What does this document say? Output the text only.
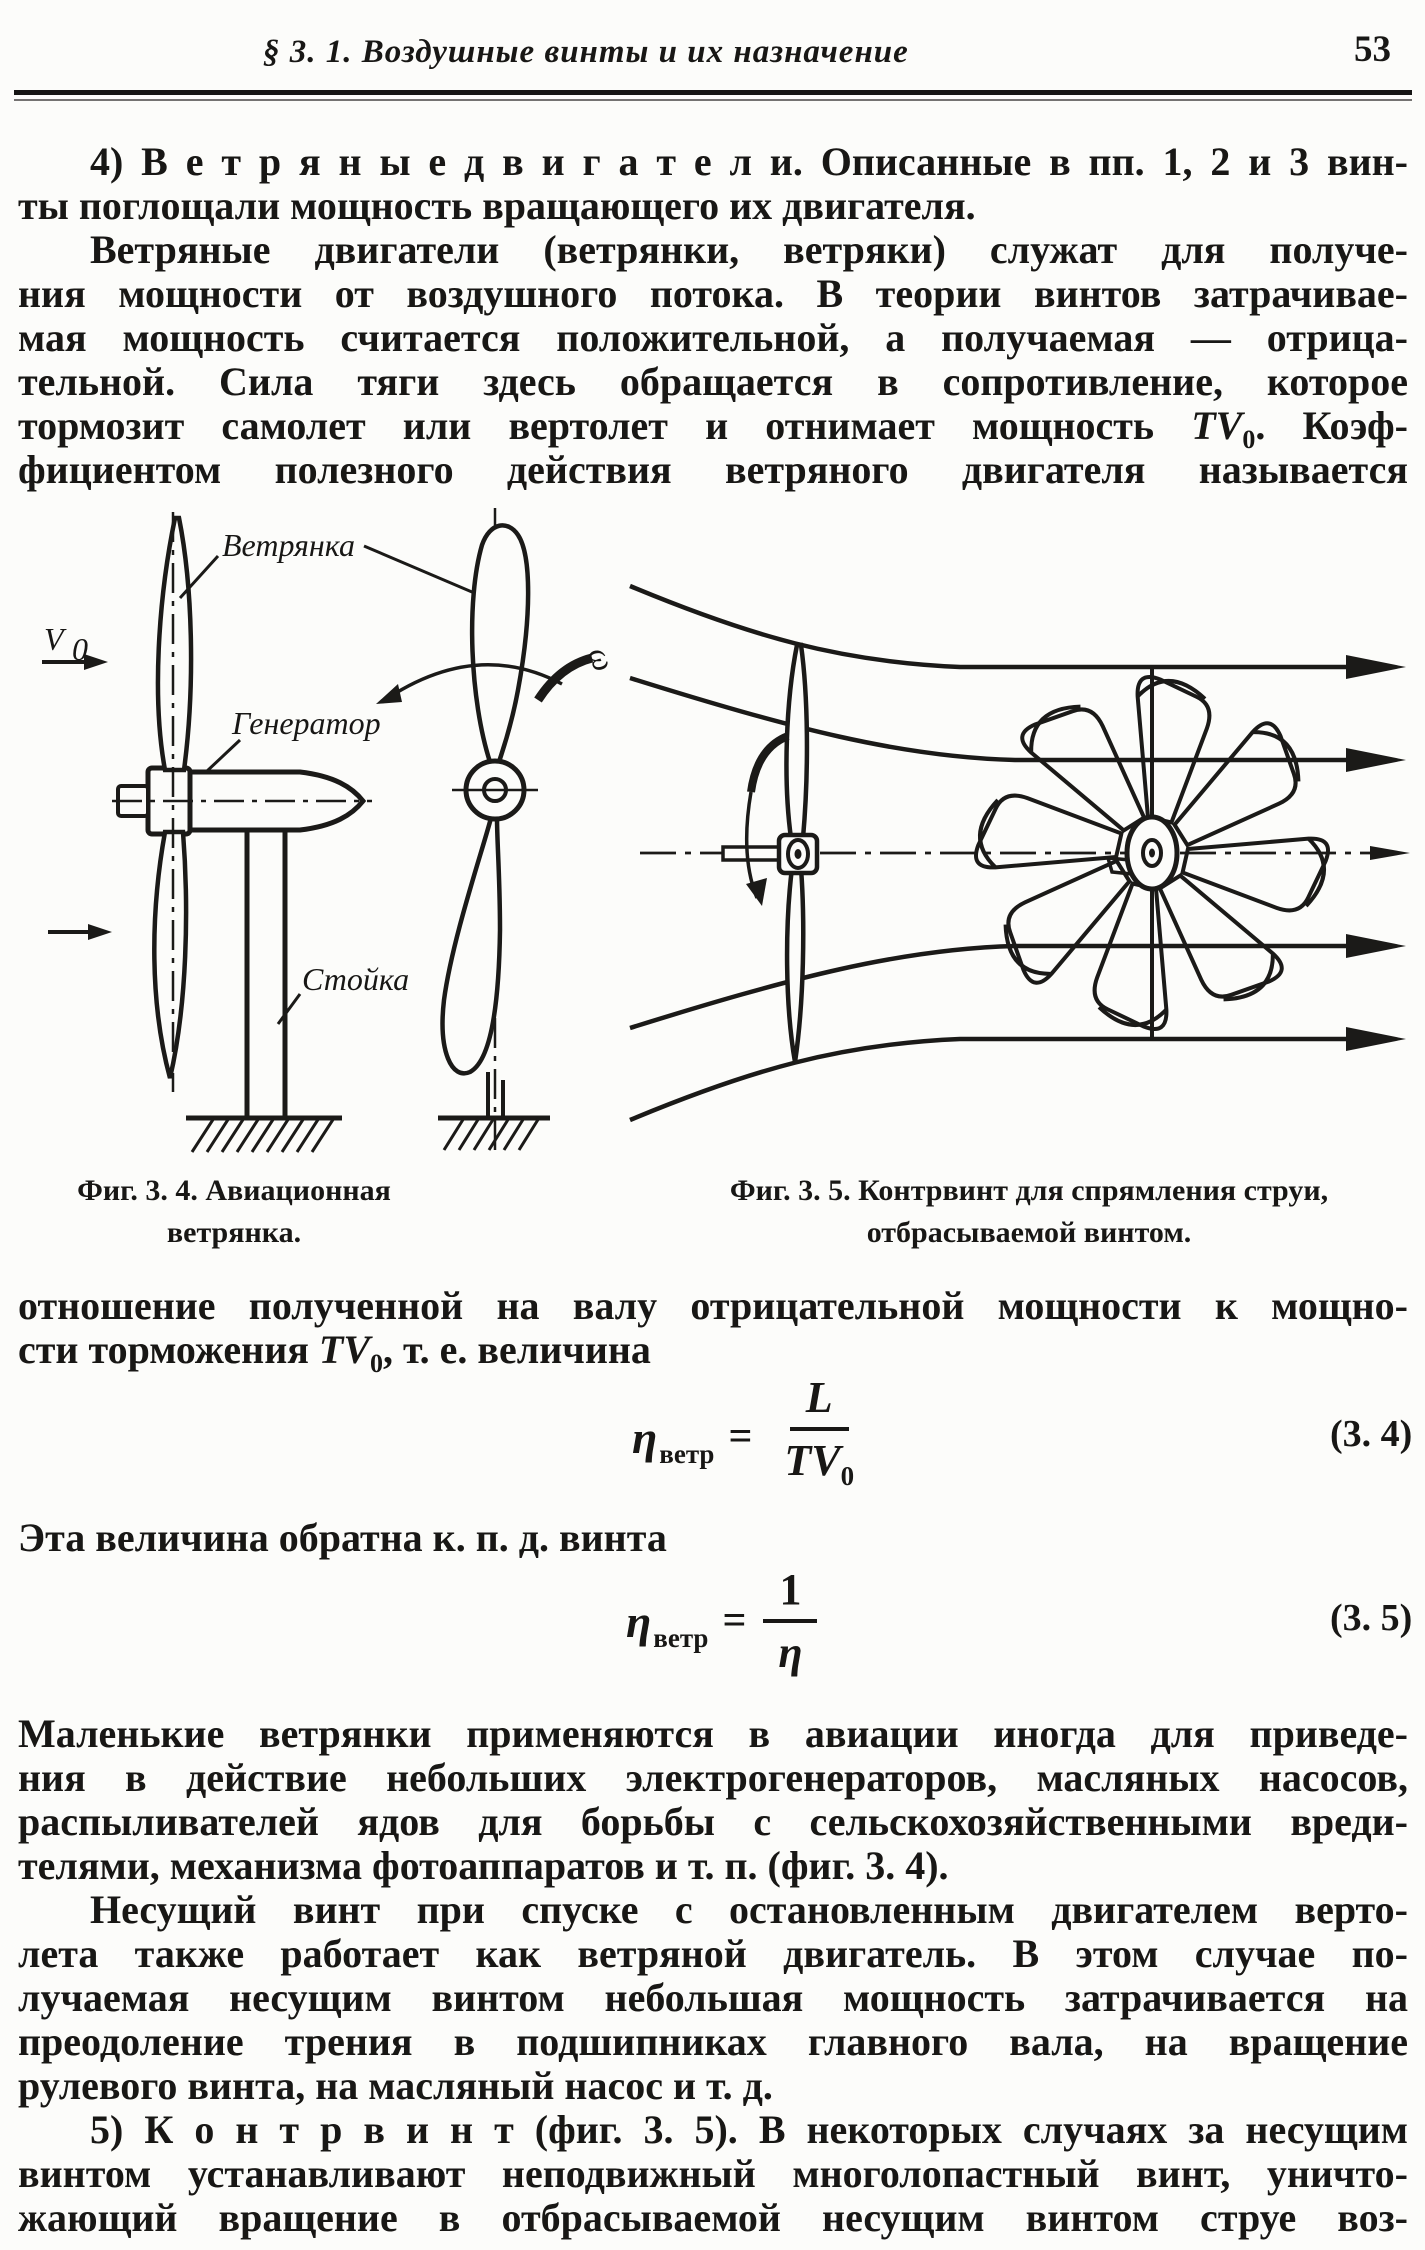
§ 3. 1. Воздушные винты и их назначение	53
4) В е т р я н ы е д в и г а т е л и. Описанные в пп. 1, 2 и 3 вин-
ты поглощали мощность вращающего их двигателя.
Ветряные двигатели (ветрянки, ветряки) служат для получе-
ния мощности от воздушного потока. В теории винтов затрачивае-
мая мощность считается положительной, а получаемая — отрица-
тельной. Сила тяги здесь обращается в сопротивление, которое
тормозит самолет или вертолет и отнимает мощность $TV_0$. Коэф-
фициентом полезного действия ветряного двигателя называется
отношение полученной на валу отрицательной мощности к мощно-
сти торможения $TV_0$, т. е. величина
Эта величина обратна к. п. д. винта
Маленькие ветрянки применяются в авиации иногда для приведе-
ния в действие небольших электрогенераторов, масляных насосов,
распыливателей ядов для борьбы с сельскохозяйственными вреди-
телями, механизма фотоаппаратов и т. п. (фиг. 3. 4).
Несущий винт при спуске с остановленным двигателем верто-
лета также работает как ветряной двигатель. В этом случае по-
лучаемая несущим винтом небольшая мощность затрачивается на
преодоление трения в подшипниках главного вала, на вращение
рулевого винта, на масляный насос и т. д.
5) К о н т р в и н т (фиг. 3. 5). В некоторых случаях за несущим
винтом устанавливают неподвижный многолопастный винт, уничто-
жающий вращение в отбрасываемой несущим винтом струе воз-
Ветрянка
Генератор
Стойка
V 0	ω
Фиг. 3. 4. Авиационная ветрянка.
Фиг. 3. 5. Контрвинт для спрямления струи,
отбрасываемой винтом.
η ветр = $\frac{L}{TV_0}$	(3. 4)
η ветр = $\frac{1}{\eta}$	(3. 5)
